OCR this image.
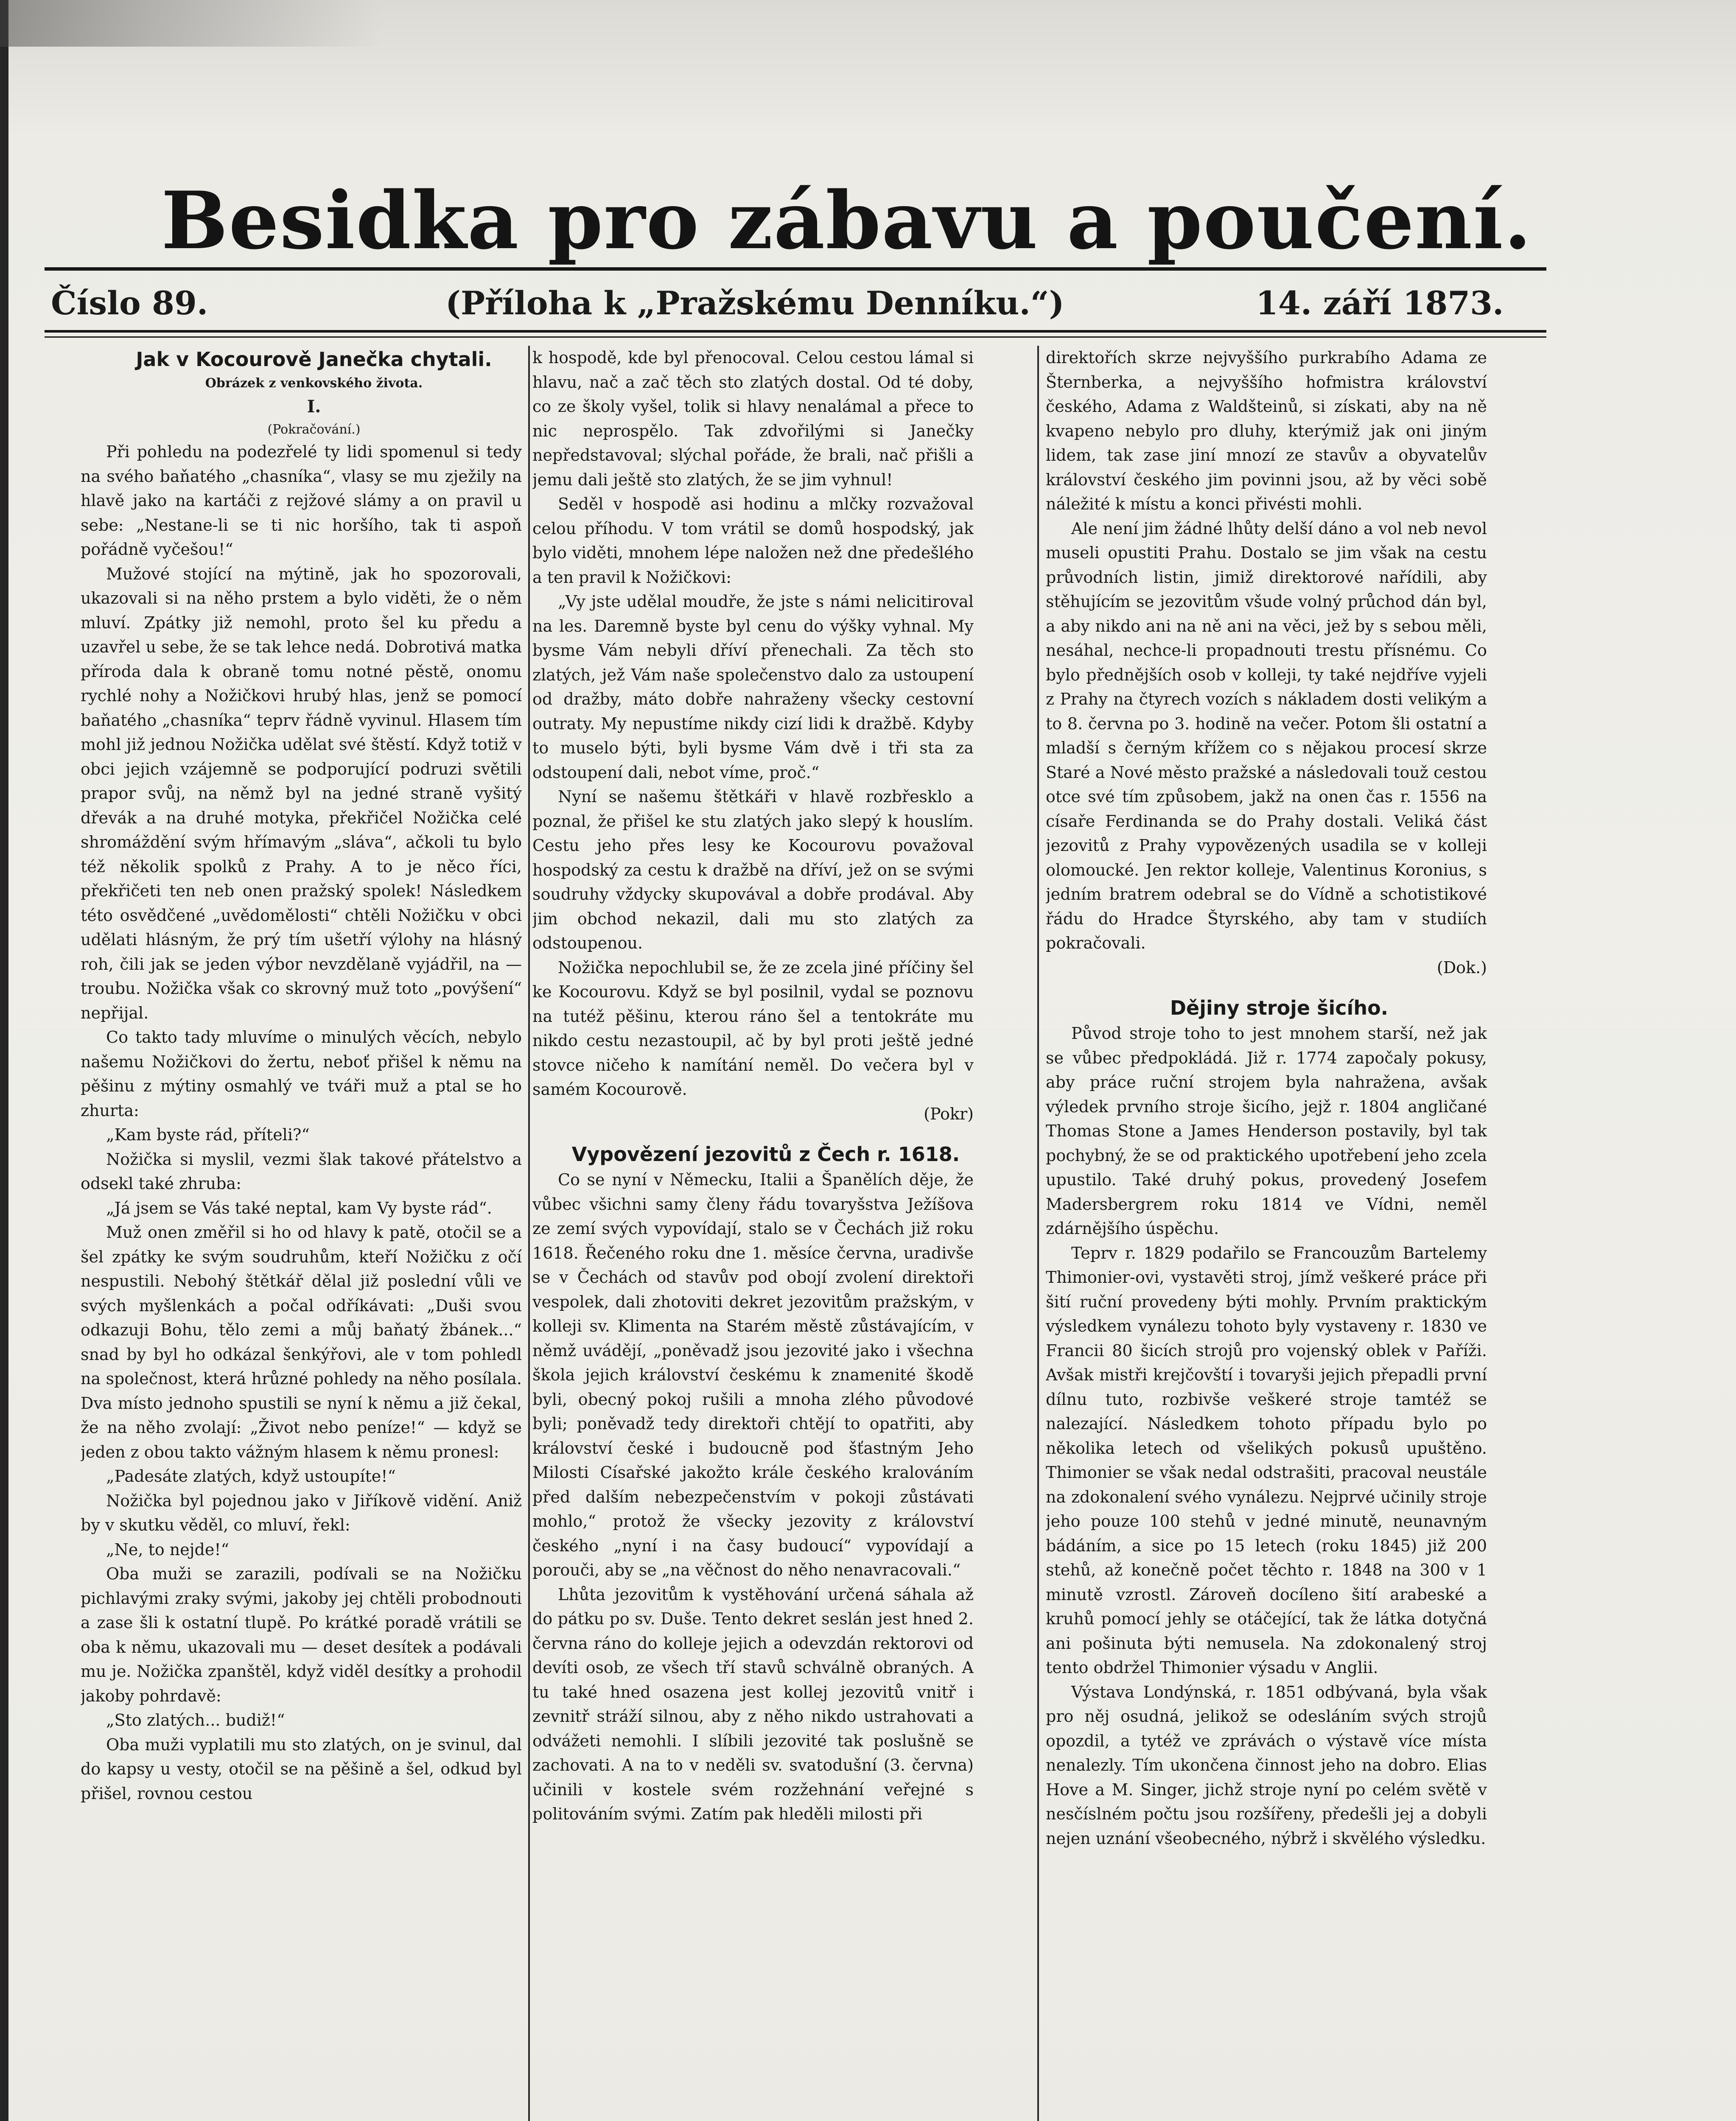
Besidka pro zábavu a poučení.
Číslo 89.	(Příloha k „Pražskému Denníku.“)	14. září 1873.

Jak v Kocourově Janečka chytali.

Obrázek z venkovského života.

I.

(Pokračování.)

Při pohledu na podezřelé ty lidi spomenul si tedy na svého baňatého „chasníka“, vlasy se mu zježily na hlavě jako na kartáči z rejžové slámy a on pravil u sebe: „Nestane-li se ti nic horšího, tak ti aspoň pořádně vyčešou!“

Mužové stojící na mýtině, jak ho spozorovali, ukazovali si na něho prstem a bylo viděti, že o něm mluví. Zpátky již nemohl, proto šel ku předu a uzavřel u sebe, že se tak lehce nedá. Dobrotivá matka příroda dala k obraně tomu notné pěstě, onomu rychlé nohy a Nožičkovi hrubý hlas, jenž se pomocí baňatého „chasníka“ teprv řádně vyvinul. Hlasem tím mohl již jednou Nožička udělat své štěstí. Když totiž v obci jejich vzájemně se podporující podruzi světili prapor svůj, na němž byl na jedné straně vyšitý dřevák a na druhé motyka, překřičel Nožička celé shromáždění svým hřímavým „sláva“, ačkoli tu bylo též několik spolků z Prahy. A to je něco říci, překřičeti ten neb onen pražský spolek! Následkem této osvědčené „uvědomělosti“ chtěli Nožičku v obci udělati hlásným, že prý tím ušetří výlohy na hlásný roh, čili jak se jeden výbor nevzdělaně vyjádřil, na — troubu. Nožička však co skrovný muž toto „povýšení“ nepřijal.

Co takto tady mluvíme o minulých věcích, nebylo našemu Nožičkovi do žertu, neboť přišel k němu na pěšinu z mýtiny osmahlý ve tváři muž a ptal se ho zhurta:

„Kam byste rád, příteli?“

Nožička si myslil, vezmi šlak takové přátelstvo a odsekl také zhruba:

„Já jsem se Vás také neptal, kam Vy byste rád“.

Muž onen změřil si ho od hlavy k patě, otočil se a šel zpátky ke svým soudruhům, kteří Nožičku z očí nespustili. Nebohý štětkář dělal již poslední vůli ve svých myšlenkách a počal odříkávati: „Duši svou odkazuji Bohu, tělo zemi a můj baňatý žbánek...“ snad by byl ho odkázal šenkýřovi, ale v tom pohledl na společnost, která hrůzné pohledy na něho posílala. Dva místo jednoho spustili se nyní k němu a již čekal, že na něho zvolají: „Život nebo peníze!“ — když se jeden z obou takto vážným hlasem k němu pronesl:

„Padesáte zlatých, když ustoupíte!“

Nožička byl pojednou jako v Jiříkově vidění. Aniž by v skutku věděl, co mluví, řekl:

„Ne, to nejde!“

Oba muži se zarazili, podívali se na Nožičku pichlavými zraky svými, jakoby jej chtěli probodnouti a zase šli k ostatní tlupě. Po krátké poradě vrátili se oba k němu, ukazovali mu — deset desítek a podávali mu je. Nožička zpanštěl, když viděl desítky a prohodil jakoby pohrdavě:

„Sto zlatých... budiž!“

Oba muži vyplatili mu sto zlatých, on je svinul, dal do kapsy u vesty, otočil se na pěšině a šel, odkud byl přišel, rovnou cestou

k hospodě, kde byl přenocoval. Celou cestou lámal si hlavu, nač a zač těch sto zlatých dostal. Od té doby, co ze školy vyšel, tolik si hlavy nenalámal a přece to nic neprospělo. Tak zdvořilými si Janečky nepředstavoval; slýchal pořáde, že brali, nač přišli a jemu dali ještě sto zlatých, že se jim vyhnul!

Seděl v hospodě asi hodinu a mlčky rozvažoval celou příhodu. V tom vrátil se domů hospodský, jak bylo viděti, mnohem lépe naložen než dne předešlého a ten pravil k Nožičkovi:

„Vy jste udělal moudře, že jste s námi nelicitiroval na les. Daremně byste byl cenu do výšky vyhnal. My bysme Vám nebyli dříví přenechali. Za těch sto zlatých, jež Vám naše společenstvo dalo za ustoupení od dražby, máto dobře nahraženy všecky cestovní outraty. My nepustíme nikdy cizí lidi k dražbě. Kdyby to muselo býti, byli bysme Vám dvě i tři sta za odstoupení dali, nebot víme, proč.“

Nyní se našemu štětkáři v hlavě rozbřesklo a poznal, že přišel ke stu zlatých jako slepý k houslím. Cestu jeho přes lesy ke Kocourovu považoval hospodský za cestu k dražbě na dříví, jež on se svými soudruhy vždycky skupovával a dobře prodával. Aby jim obchod nekazil, dali mu sto zlatých za odstoupenou.

Nožička nepochlubil se, že ze zcela jiné příčiny šel ke Kocourovu. Když se byl posilnil, vydal se poznovu na tutéž pěšinu, kterou ráno šel a tentokráte mu nikdo cestu nezastoupil, ač by byl proti ještě jedné stovce ničeho k namítání neměl. Do večera byl v samém Kocourově.

(Pokr)

Vypovězení jezovitů z Čech r. 1618.

Co se nyní v Německu, Italii a Španělích děje, že vůbec všichni samy členy řádu tovaryšstva Ježíšova ze zemí svých vypovídají, stalo se v Čechách již roku 1618. Řečeného roku dne 1. měsíce června, uradivše se v Čechách od stavův pod obojí zvolení direktoři vespolek, dali zhotoviti dekret jezovitům pražským, v kolleji sv. Klimenta na Starém městě zůstávajícím, v němž uvádějí, „poněvadž jsou jezovité jako i všechna škola jejich království českému k znamenité škodě byli, obecný pokoj rušili a mnoha zlého původové byli; poněvadž tedy direktoři chtějí to opatřiti, aby království české i budoucně pod šťastným Jeho Milosti Císařské jakožto krále českého kralováním před dalším nebezpečenstvím v pokoji zůstávati mohlo,“ protož že všecky jezovity z království českého „nyní i na časy budoucí“ vypovídají a porouči, aby se „na věčnost do něho nenavracovali.“

Lhůta jezovitům k vystěhování určená sáhala až do pátku po sv. Duše. Tento dekret seslán jest hned 2. června ráno do kolleje jejich a odevzdán rektorovi od devíti osob, ze všech tří stavů schválně obraných. A tu také hned osazena jest kollej jezovitů vnitř i zevnitř stráží silnou, aby z něho nikdo ustrahovati a odvážeti nemohli. I slíbili jezovité tak poslušně se zachovati. A na to v neděli sv. svatodušní (3. června) učinili v kostele svém rozžehnání veřejné s politováním svými. Zatím pak hleděli milosti při

direktořích skrze nejvyššího purkrabího Adama ze Šternberka, a nejvyššího hofmistra království českého, Adama z Waldšteinů, si získati, aby na ně kvapeno nebylo pro dluhy, kterýmiž jak oni jiným lidem, tak zase jiní mnozí ze stavův a obyvatelův království českého jim povinni jsou, až by věci sobě náležité k místu a konci přivésti mohli.

Ale není jim žádné lhůty delší dáno a vol neb nevol museli opustiti Prahu. Dostalo se jim však na cestu průvodních listin, jimiž direktorové nařídili, aby stěhujícím se jezovitům všude volný průchod dán byl, a aby nikdo ani na ně ani na věci, jež by s sebou měli, nesáhal, nechce-li propadnouti trestu přísnému. Co bylo přednějších osob v kolleji, ty také nejdříve vyjeli z Prahy na čtyrech vozích s nákladem dosti velikým a to 8. června po 3. hodině na večer. Potom šli ostatní a mladší s černým křížem co s nějakou procesí skrze Staré a Nové město pražské a následovali touž cestou otce své tím způsobem, jakž na onen čas r. 1556 na císaře Ferdinanda se do Prahy dostali. Veliká část jezovitů z Prahy vypovězených usadila se v kolleji olomoucké. Jen rektor kolleje, Valentinus Koronius, s jedním bratrem odebral se do Vídně a schotistikové řádu do Hradce Štyrského, aby tam v studiích pokračovali.

(Dok.)

Dějiny stroje šicího.

Původ stroje toho to jest mnohem starší, než jak se vůbec předpokládá. Již r. 1774 započaly pokusy, aby práce ruční strojem byla nahražena, avšak výledek prvního stroje šicího, jejž r. 1804 angličané Thomas Stone a James Henderson postavily, byl tak pochybný, že se od praktického upotřebení jeho zcela upustilo. Také druhý pokus, provedený Josefem Madersbergrem roku 1814 ve Vídni, neměl zdárnějšího úspěchu.

Teprv r. 1829 podařilo se Francouzům Bartelemy Thimonier-ovi, vystavěti stroj, jímž veškeré práce při šití ruční provedeny býti mohly. Prvním praktickým výsledkem vynálezu tohoto byly vystaveny r. 1830 ve Francii 80 šicích strojů pro vojenský oblek v Paříži. Avšak mistři krejčovští i tovaryši jejich přepadli první dílnu tuto, rozbivše veškeré stroje tamtéž se nalezající. Následkem tohoto případu bylo po několika letech od všelikých pokusů upuštěno. Thimonier se však nedal odstrašiti, pracoval neustále na zdokonalení svého vynálezu. Nejprvé učinily stroje jeho pouze 100 stehů v jedné minutě, neunavným bádáním, a sice po 15 letech (roku 1845) již 200 stehů, až konečně počet těchto r. 1848 na 300 v 1 minutě vzrostl. Zároveň docíleno šití arabeské a kruhů pomocí jehly se otáčející, tak že látka dotyčná ani pošinuta býti nemusela. Na zdokonalený stroj tento obdržel Thimonier výsadu v Anglii.

Výstava Londýnská, r. 1851 odbývaná, byla však pro něj osudná, jelikož se odesláním svých strojů opozdil, a tytéž ve zprávách o výstavě více místa nenalezly. Tím ukončena činnost jeho na dobro. Elias Hove a M. Singer, jichž stroje nyní po celém světě v nesčíslném počtu jsou rozšířeny, předešli jej a dobyli nejen uznání všeobecného, nýbrž i skvělého výsledku.
